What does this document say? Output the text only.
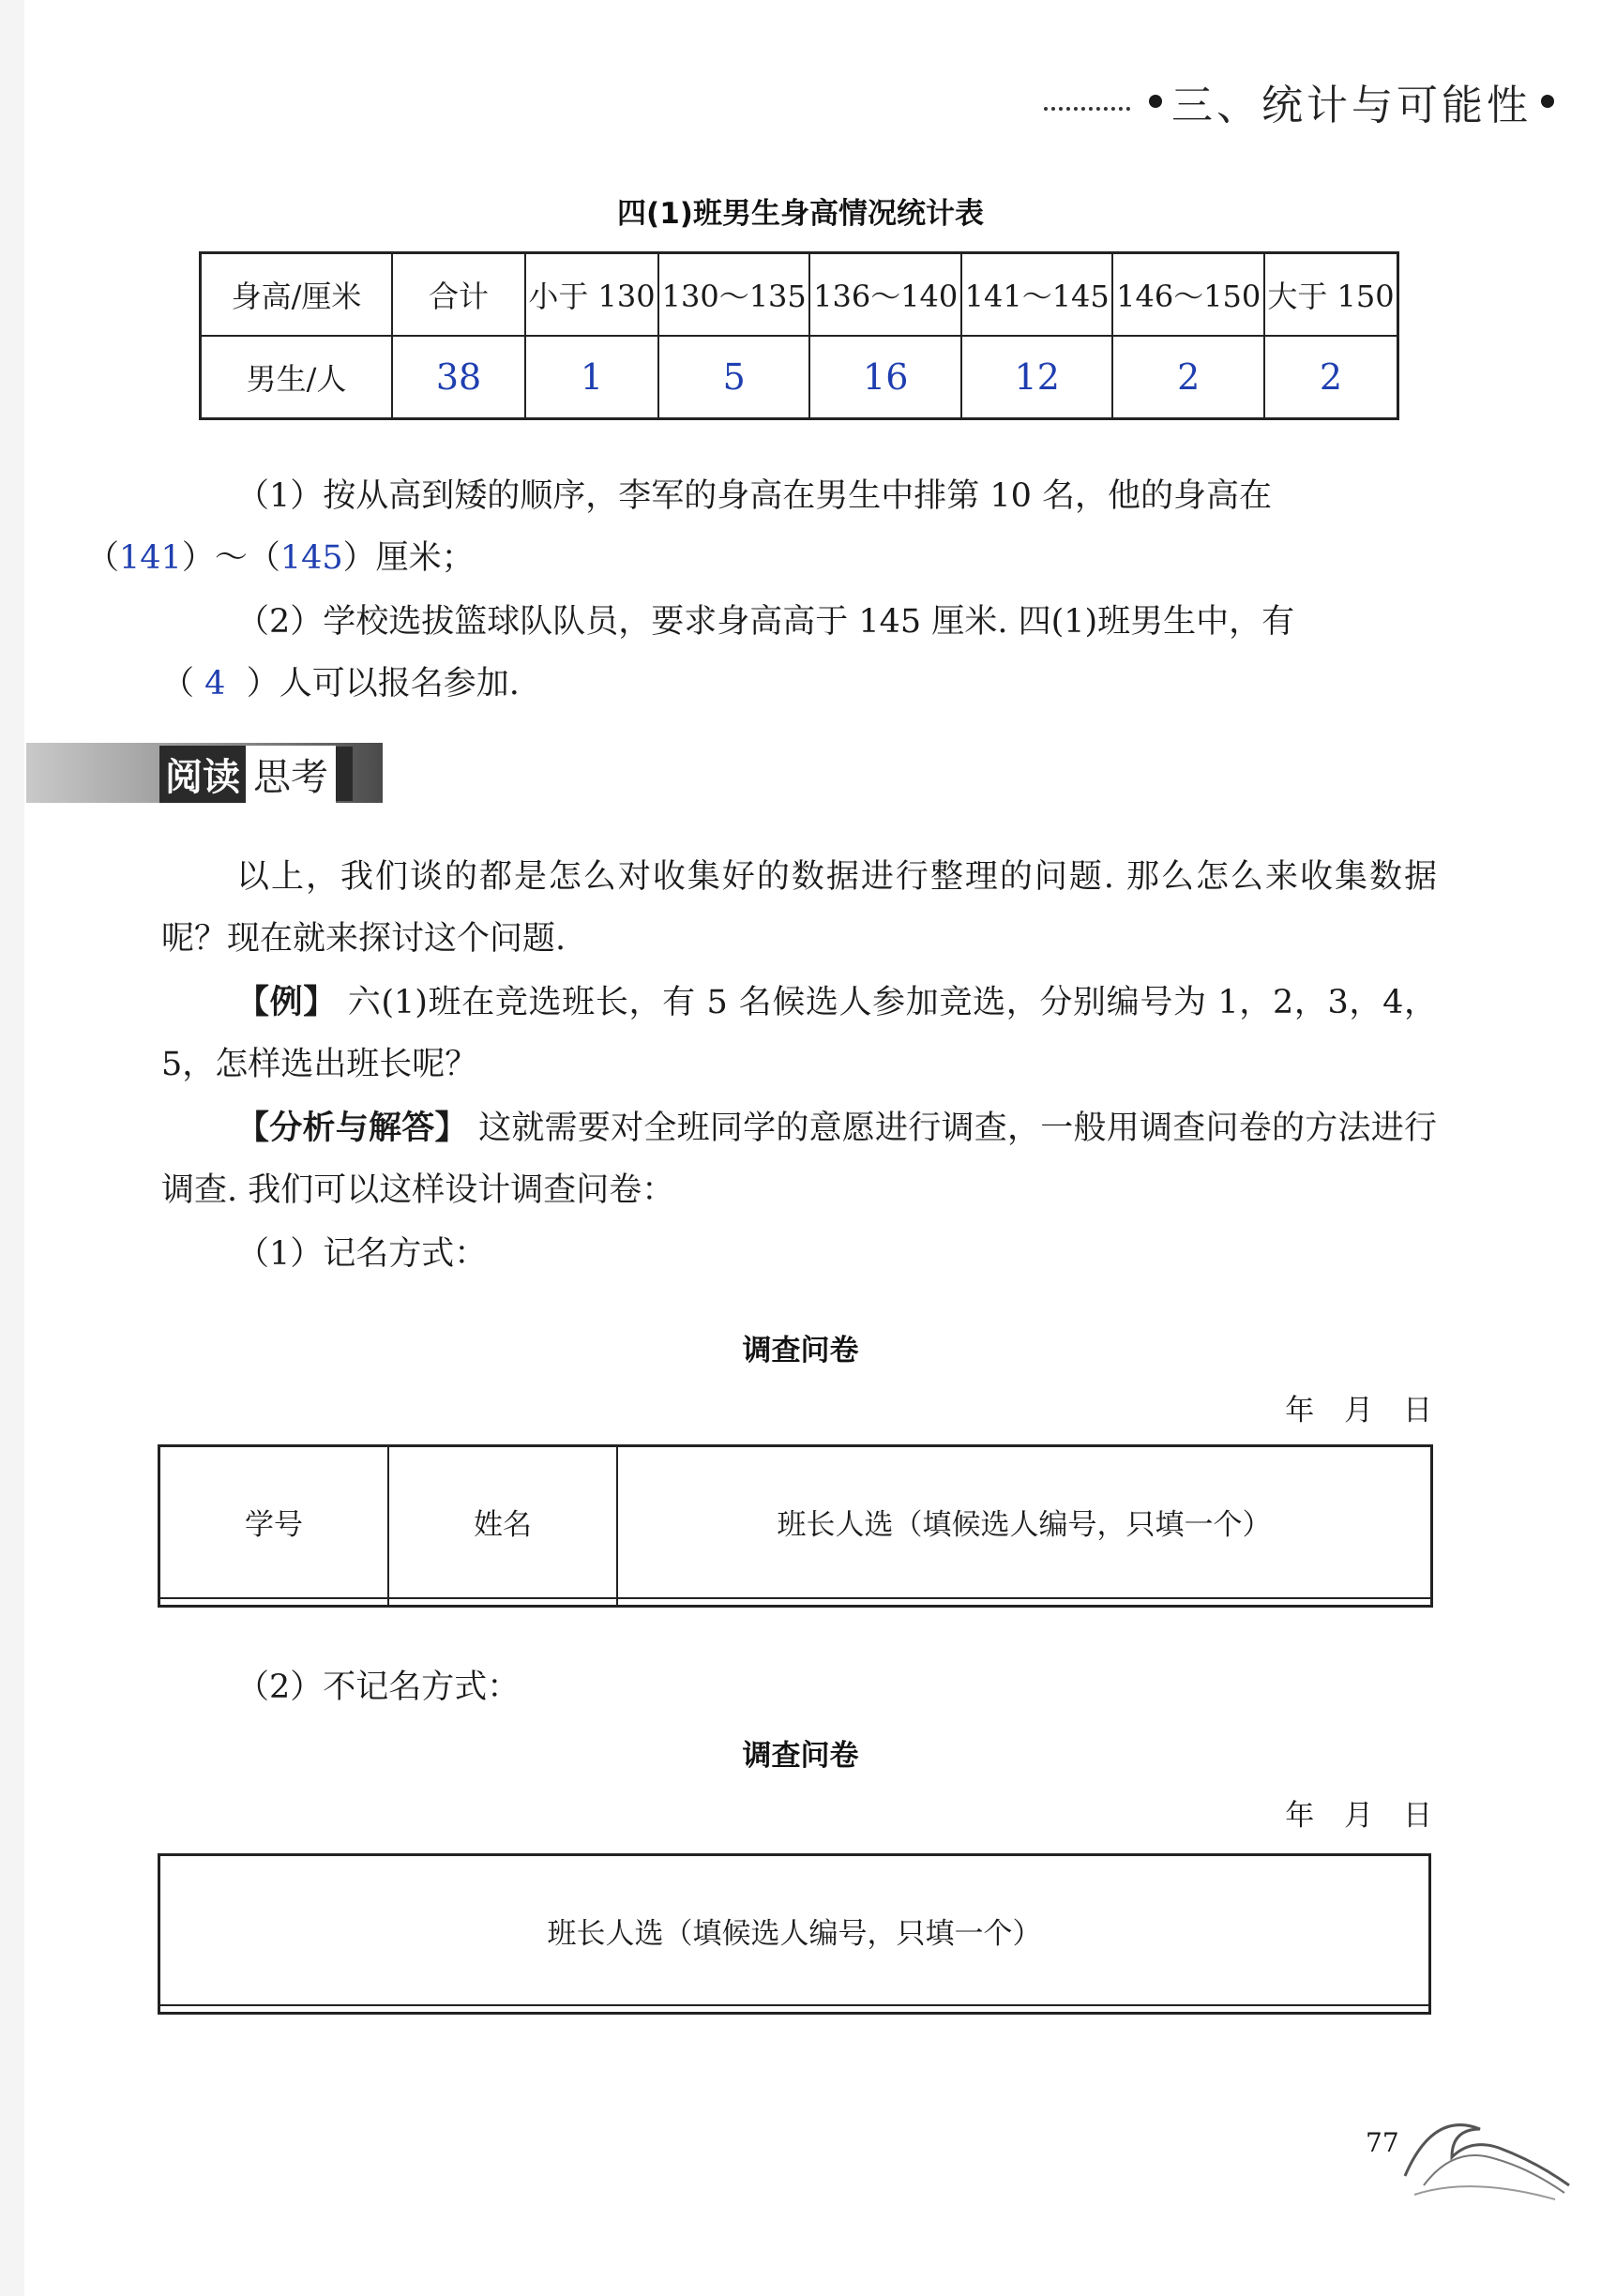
三、统计与可能性
四(1)班男生身高情况统计表
身高/厘米	合计	小于 130	130～135	136～140	141～145	146～150	大于 150
男生/人	38	1	5	16	12	2	2
（1）按从高到矮的顺序，李军的身高在男生中排第 10 名，他的身高在
（141）～（145）厘米；
（2）学校选拔篮球队队员，要求身高高于 145 厘米. 四(1)班男生中，有
（ 4 ）人可以报名参加.
阅读 思考
以上，我们谈的都是怎么对收集好的数据进行整理的问题. 那么怎么来收集数据呢？现在就来探讨这个问题.
【例】 六(1)班在竞选班长，有 5 名候选人参加竞选，分别编号为 1，2，3，4，5，怎样选出班长呢？
【分析与解答】 这就需要对全班同学的意愿进行调查，一般用调查问卷的方法进行调查. 我们可以这样设计调查问卷：
（1）记名方式：
调查问卷
年 月 日
学号	姓名	班长人选（填候选人编号，只填一个）

（2）不记名方式：
调查问卷
年 月 日
班长人选（填候选人编号，只填一个）

77
